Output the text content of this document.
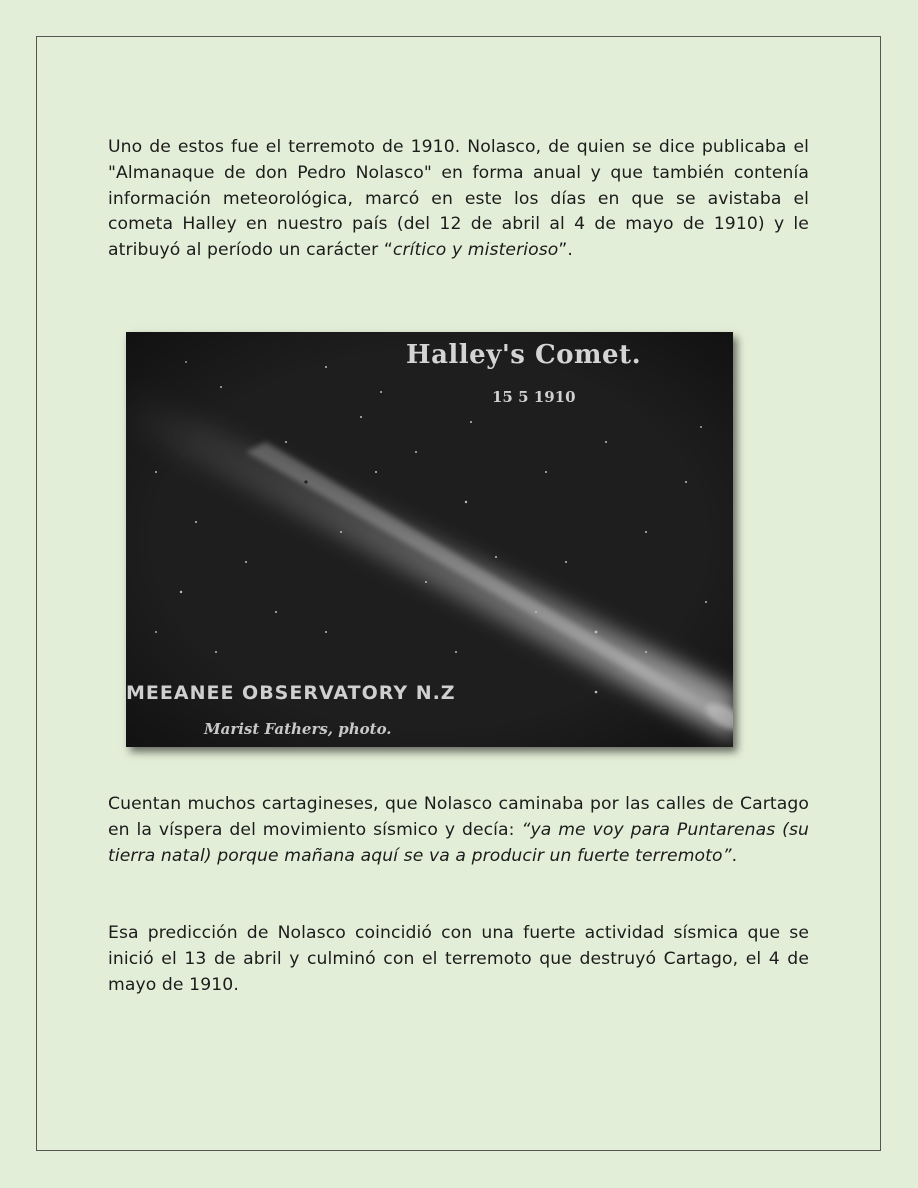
Uno de estos fue el terremoto de 1910. Nolasco, de quien se dice publicaba el "Almanaque de don Pedro Nolasco" en forma anual y que también contenía información meteorológica, marcó en este los días en que se avistaba el cometa Halley en nuestro país (del 12 de abril al 4 de mayo de 1910) y le atribuyó al período un carácter “crítico y misterioso”.

Halley's Comet.
15 5 1910
MEEANEE OBSERVATORY N.Z
Marist Fathers, photo.

Cuentan muchos cartagineses, que Nolasco caminaba por las calles de Cartago en la víspera del movimiento sísmico y decía: “ya me voy para Puntarenas (su tierra natal) porque mañana aquí se va a producir un fuerte terremoto”.

Esa predicción de Nolasco coincidió con una fuerte actividad sísmica que se inició el 13 de abril y culminó con el terremoto que destruyó Cartago, el 4 de mayo de 1910.
